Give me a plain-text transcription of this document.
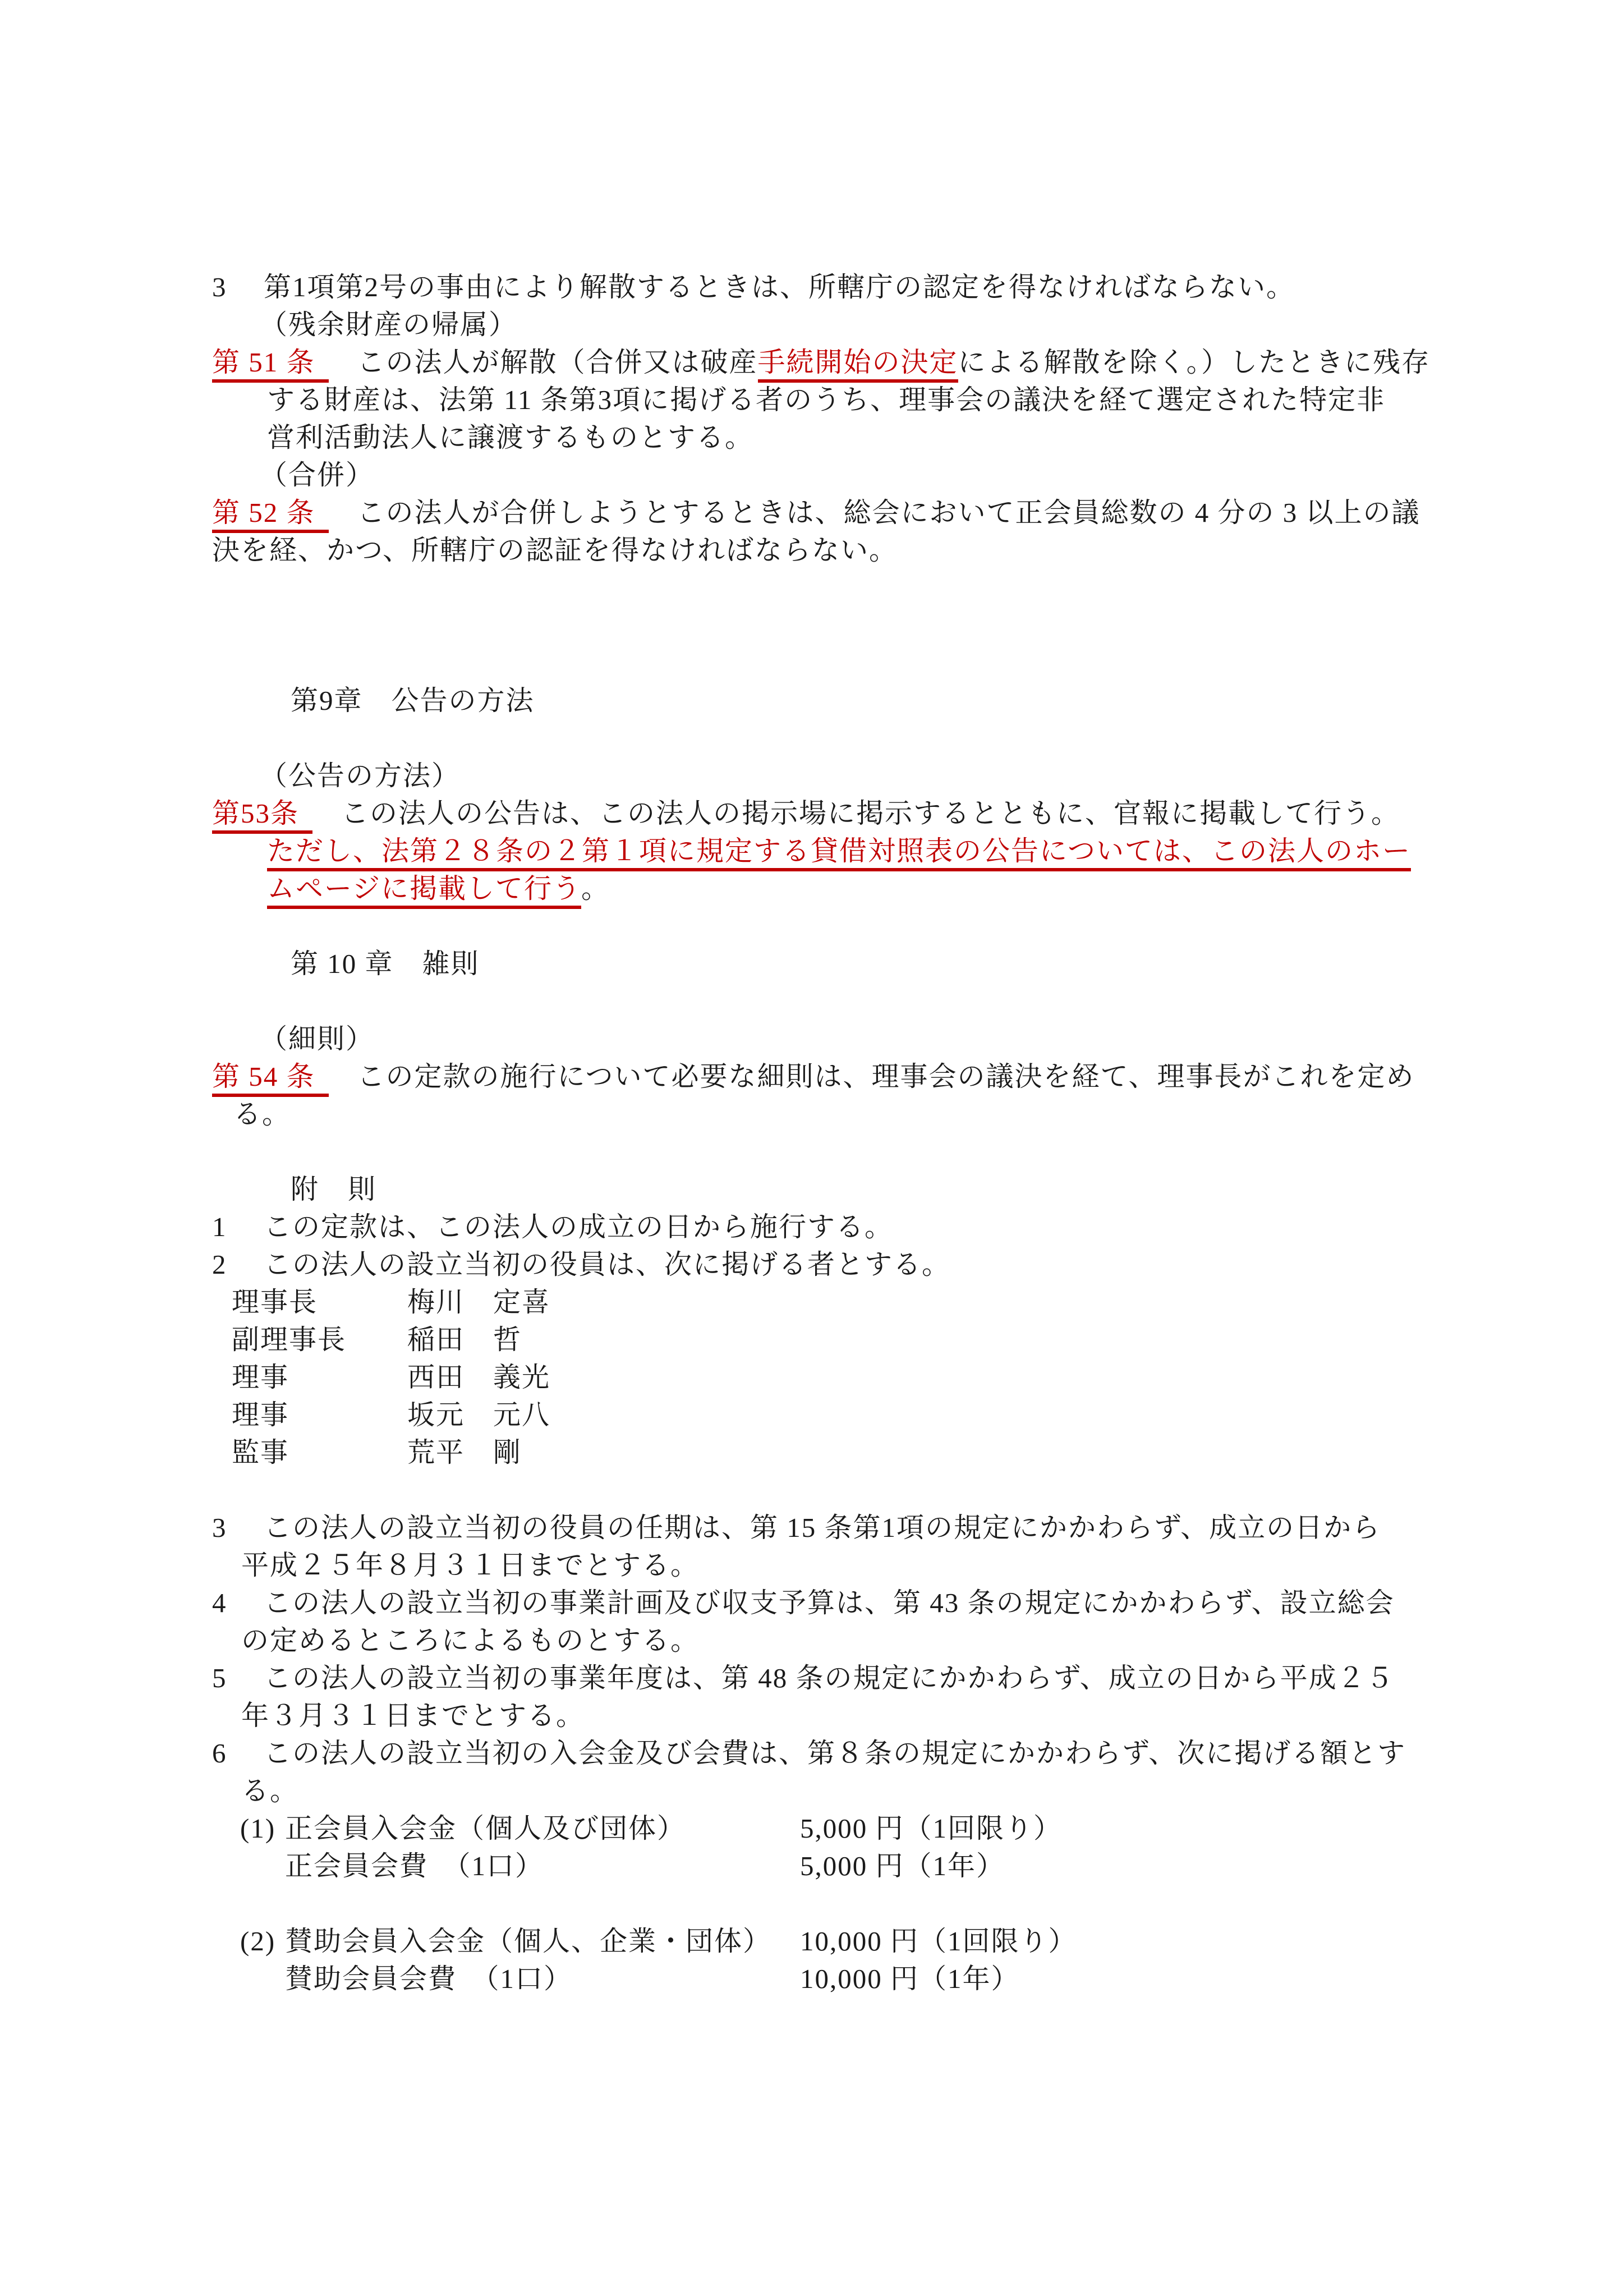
3 第1項第2号の事由により解散するときは、所轄庁の認定を得なければならない。
（残余財産の帰属）
第 51 条　この法人が解散（合併又は破産手続開始の決定による解散を除く。）したときに残存
する財産は、法第 11 条第3項に掲げる者のうち、理事会の議決を経て選定された特定非
営利活動法人に譲渡するものとする。
（合併）
第 52 条　この法人が合併しようとするときは、総会において正会員総数の 4 分の 3 以上の議
決を経、かつ、所轄庁の認証を得なければならない。
第9章　公告の方法
（公告の方法）
第53条　この法人の公告は、この法人の掲示場に掲示するとともに、官報に掲載して行う。
ただし、法第２８条の２第１項に規定する貸借対照表の公告については、この法人のホー
ムページに掲載して行う。
第 10 章　雑則
（細則）
第 54 条　この定款の施行について必要な細則は、理事会の議決を経て、理事長がこれを定め
る。
附　則
1 この定款は、この法人の成立の日から施行する。
2 この法人の設立当初の役員は、次に掲げる者とする。
理事長	梅川　定喜
副理事長 稲田　哲
理事	西田　義光
理事	坂元　元八
監事	荒平　剛
3 この法人の設立当初の役員の任期は、第 15 条第1項の規定にかかわらず、成立の日から
平成２５年８月３１日までとする。
4 この法人の設立当初の事業計画及び収支予算は、第 43 条の規定にかかわらず、設立総会
の定めるところによるものとする。
5 この法人の設立当初の事業年度は、第 48 条の規定にかかわらず、成立の日から平成２５
年３月３１日までとする。
6 この法人の設立当初の入会金及び会費は、第８条の規定にかかわらず、次に掲げる額とす
る。
(1) 正会員入会金（個人及び団体）	5,000 円（1回限り）
正会員会費　（1口）	5,000 円（1年）
(2) 賛助会員入会金（個人、企業・団体） 10,000 円（1回限り）
賛助会員会費　（1口）	10,000 円（1年）
